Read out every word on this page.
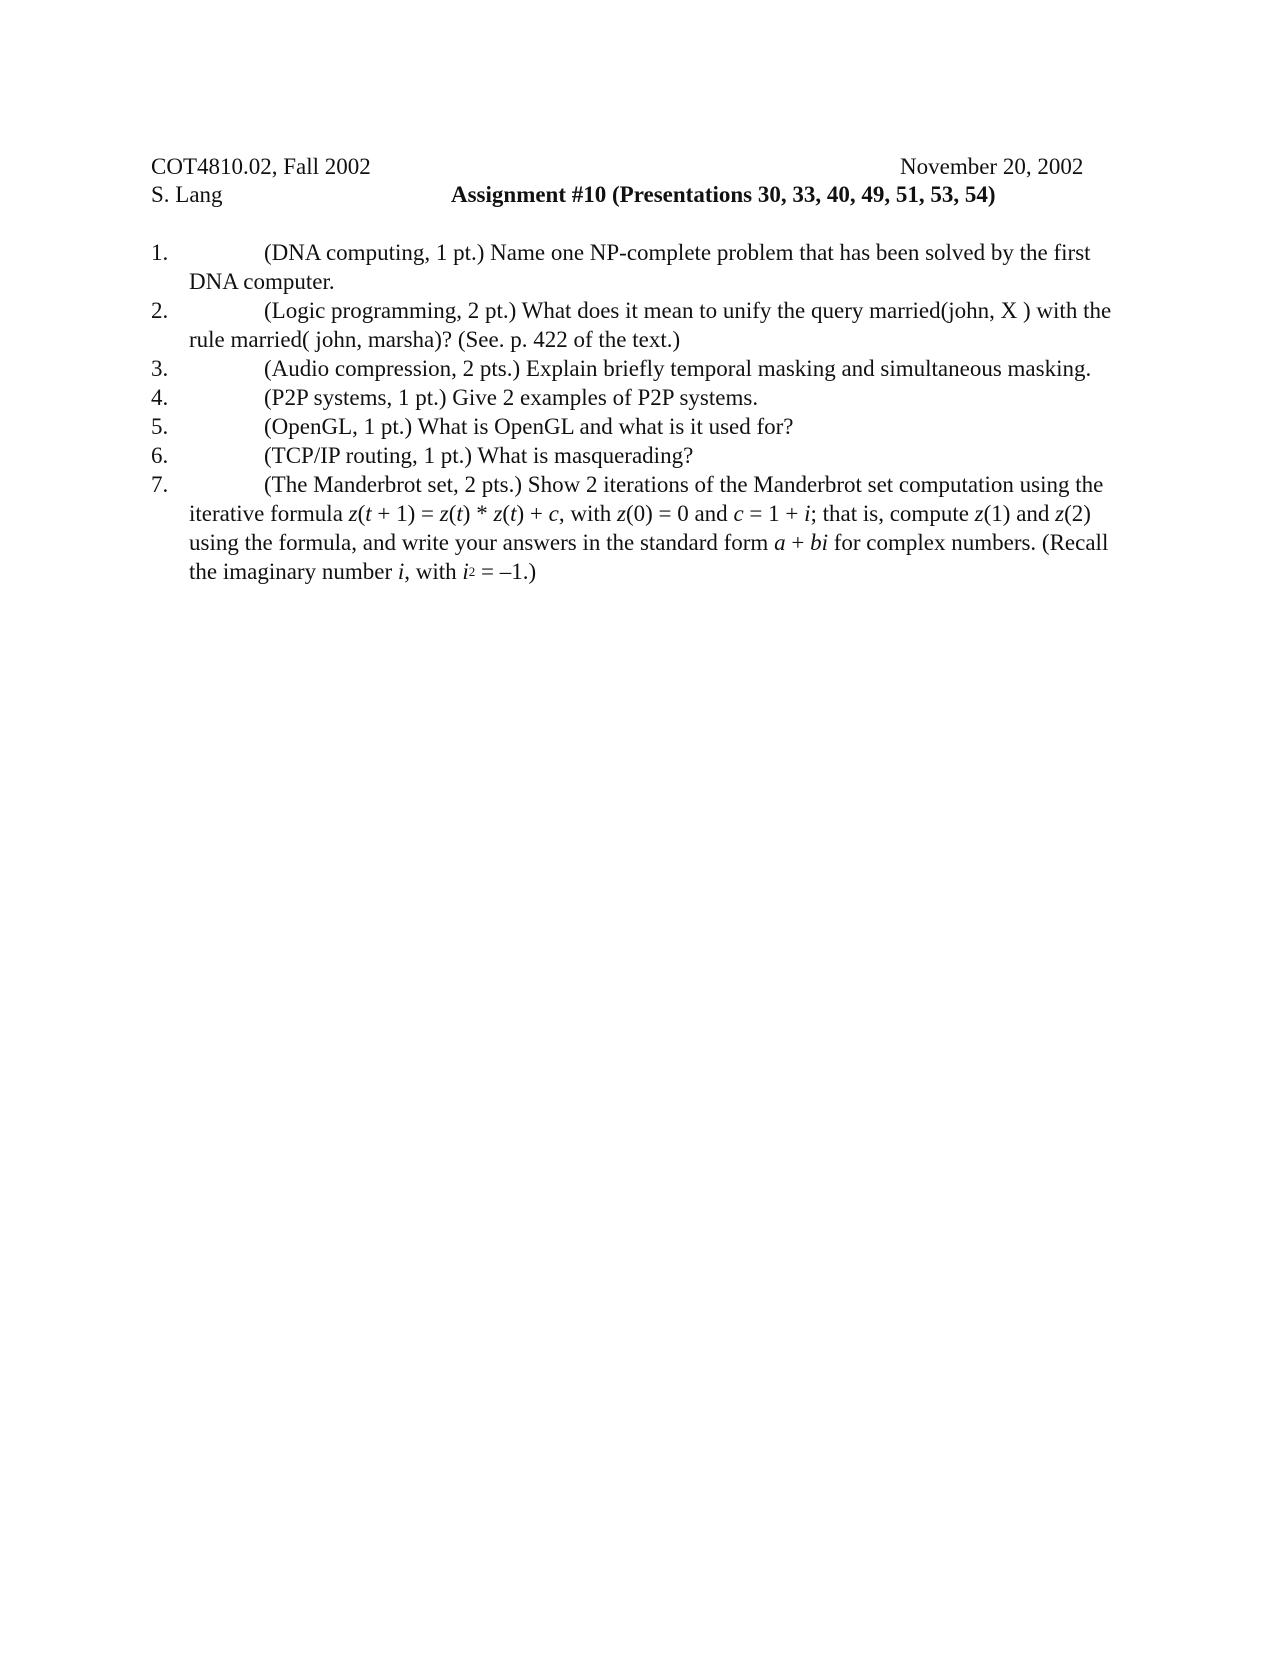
COT4810.02, Fall 2002	November 20, 2002
S. Lang	Assignment #10 (Presentations 30, 33, 40, 49, 51, 53, 54)
1.	(DNA computing, 1 pt.) Name one NP-complete problem that has been solved by the first DNA computer.
2.	(Logic programming, 2 pt.) What does it mean to unify the query married(john, X ) with the rule married( john, marsha)? (See. p. 422 of the text.)
3.	(Audio compression, 2 pts.) Explain briefly temporal masking and simultaneous masking.
4.	(P2P systems, 1 pt.) Give 2 examples of P2P systems.
5.	(OpenGL, 1 pt.) What is OpenGL and what is it used for?
6.	(TCP/IP routing, 1 pt.) What is masquerading?
7.	(The Manderbrot set, 2 pts.) Show 2 iterations of the Manderbrot set computation using the iterative formula z(t + 1) = z(t) * z(t) + c, with z(0) = 0 and c = 1 + i; that is, compute z(1) and z(2) using the formula, and write your answers in the standard form a + bi for complex numbers. (Recall the imaginary number i, with $i^2 = -1$.)
